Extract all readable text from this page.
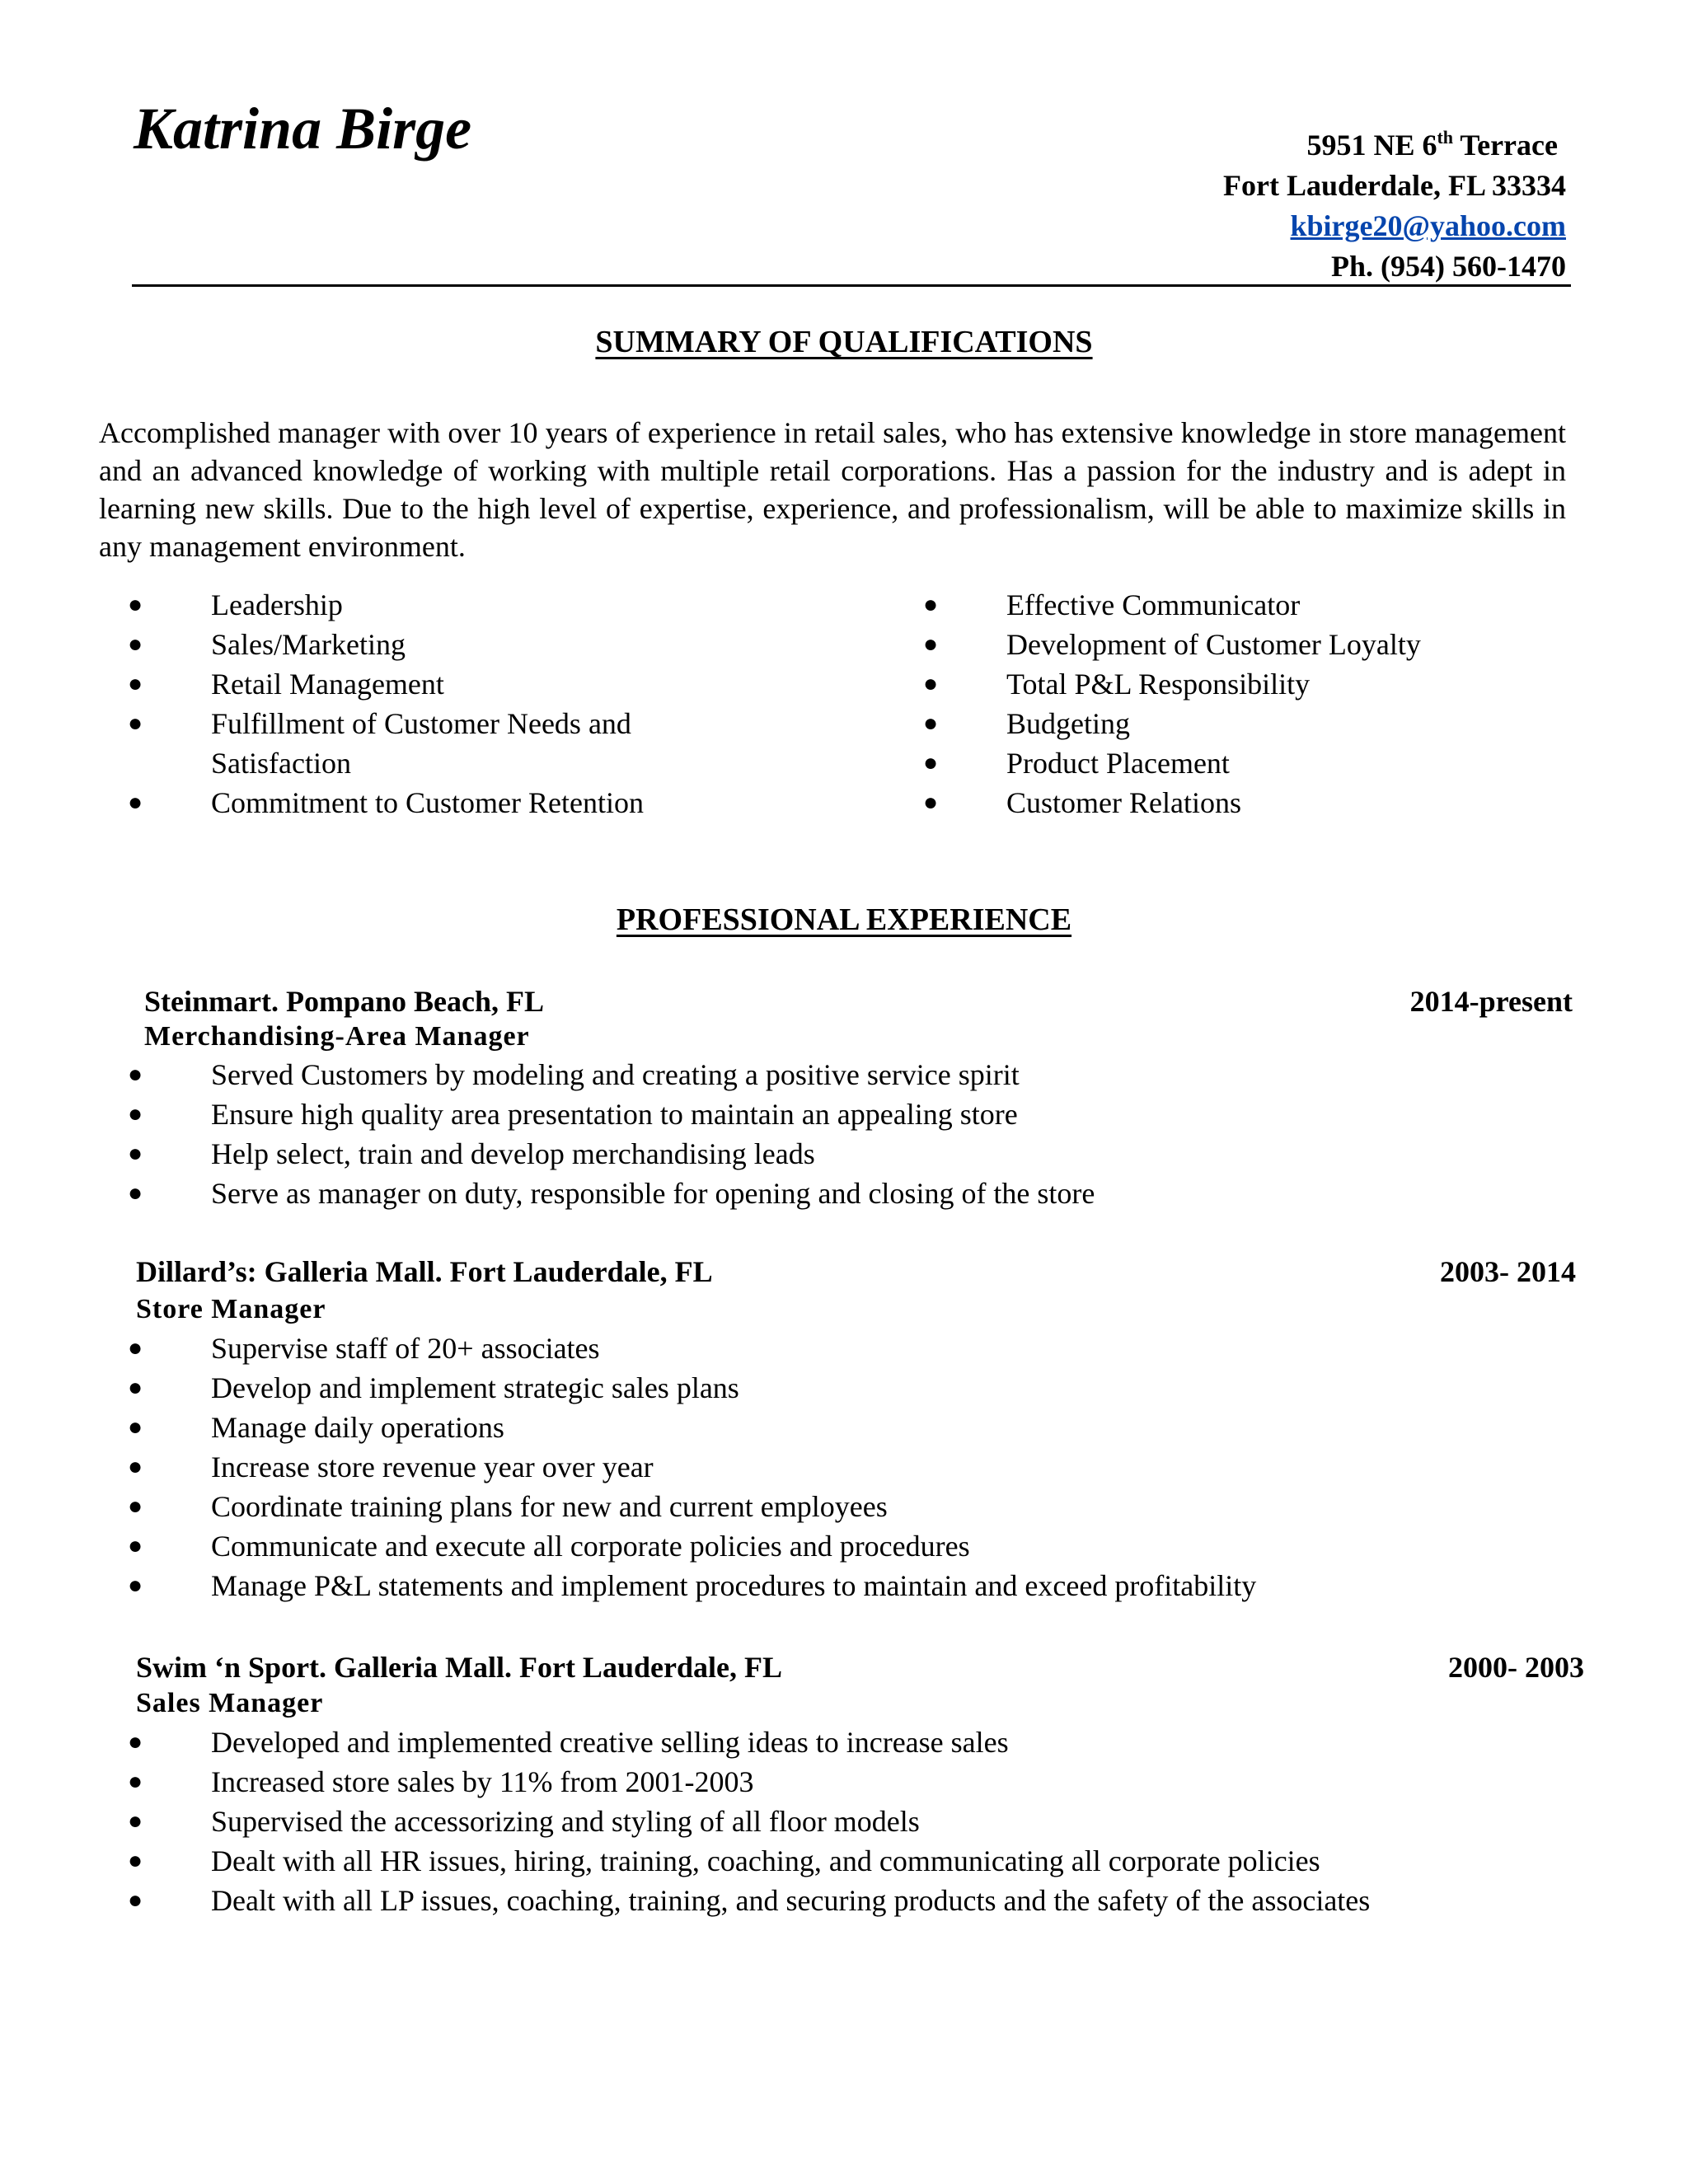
Katrina Birge	5951 NE 6th Terrace
Fort Lauderdale, FL 33334
kbirge20@yahoo.com
Ph. (954) 560-1470
SUMMARY OF QUALIFICATIONS
Accomplished manager with over 10 years of experience in retail sales, who has extensive knowledge in store management and an advanced knowledge of working with multiple retail corporations. Has a passion for the industry and is adept in learning new skills. Due to the high level of expertise, experience, and professionalism, will be able to maximize skills in any management environment.
● Leadership
● Sales/Marketing
● Retail Management
● Fulfillment of Customer Needs and Satisfaction
● Commitment to Customer Retention
● Effective Communicator
● Development of Customer Loyalty
● Total P&L Responsibility
● Budgeting
● Product Placement
● Customer Relations
PROFESSIONAL EXPERIENCE
Steinmart. Pompano Beach, FL	2014-present
Merchandising-Area Manager
● Served Customers by modeling and creating a positive service spirit
● Ensure high quality area presentation to maintain an appealing store
● Help select, train and develop merchandising leads
● Serve as manager on duty, responsible for opening and closing of the store
Dillard’s: Galleria Mall. Fort Lauderdale, FL	2003- 2014
Store Manager
● Supervise staff of 20+ associates
● Develop and implement strategic sales plans
● Manage daily operations
● Increase store revenue year over year
● Coordinate training plans for new and current employees
● Communicate and execute all corporate policies and procedures
● Manage P&L statements and implement procedures to maintain and exceed profitability
Swim ‘n Sport. Galleria Mall. Fort Lauderdale, FL	2000- 2003
Sales Manager
● Developed and implemented creative selling ideas to increase sales
● Increased store sales by 11% from 2001-2003
● Supervised the accessorizing and styling of all floor models
● Dealt with all HR issues, hiring, training, coaching, and communicating all corporate policies
● Dealt with all LP issues, coaching, training, and securing products and the safety of the associates
